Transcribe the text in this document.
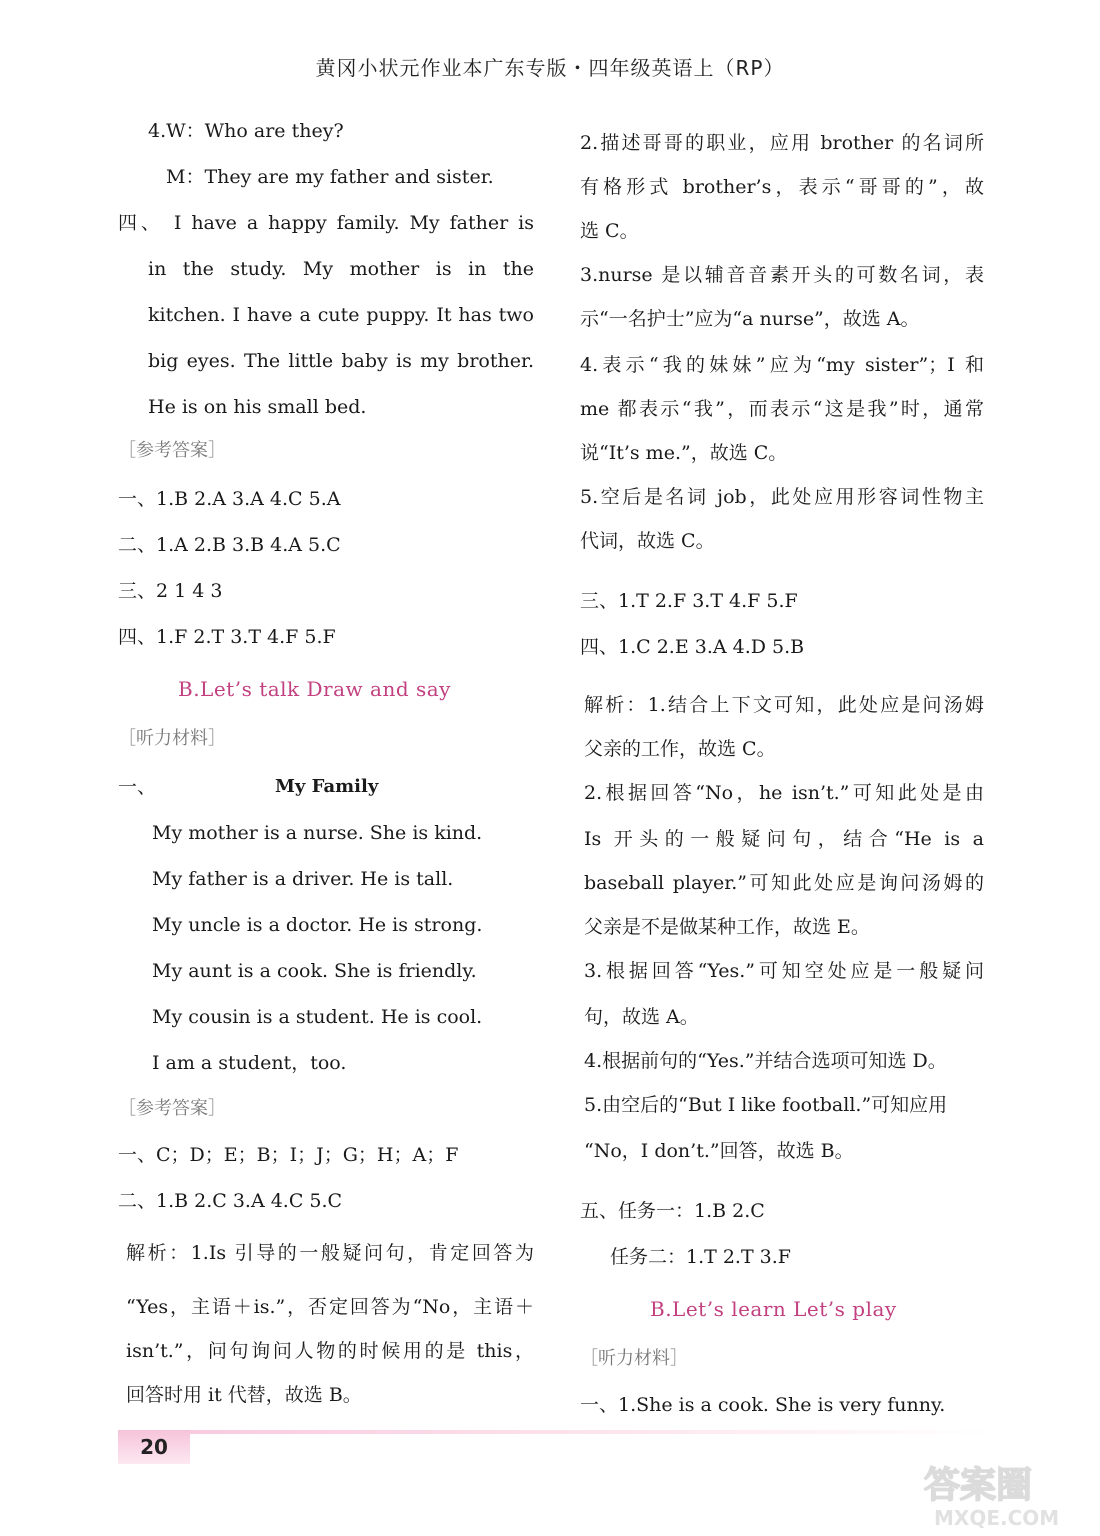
黄冈小状元作业本广东专版・四年级英语上（RP）
4.W：Who are they?
M：They are my father and sister.
四、 I have a happy family. My father is
in the study. My mother is in the
kitchen. I have a cute puppy. It has two
big eyes. The little baby is my brother.
He is on his small bed.
［参考答案］
一、1.B 2.A 3.A 4.C 5.A
二、1.A 2.B 3.B 4.A 5.C
三、2 1 4 3
四、1.F 2.T 3.T 4.F 5.F
B.Let’s talk Draw and say
［听力材料］
一、	My Family
My mother is a nurse. She is kind.
My father is a driver. He is tall.
My uncle is a doctor. He is strong.
My aunt is a cook. She is friendly.
My cousin is a student. He is cool.
I am a student，too.
［参考答案］
一、C；D；E；B；I；J；G；H；A；F
二、1.B 2.C 3.A 4.C 5.C
解析：1.Is 引导的一般疑问句，肯定回答为
“Yes，主语＋is.”，否定回答为“No，主语＋
isn’t.”，问句询问人物的时候用的是 this，
回答时用 it 代替，故选 B。
2.描述哥哥的职业，应用 brother 的名词所
有格形式 brother’s，表示“哥哥的”，故
选 C。
3.nurse 是以辅音音素开头的可数名词，表
示“一名护士”应为“a nurse”，故选 A。
4.表示“我的妹妹”应为“my sister”；I 和
me 都表示“我”，而表示“这是我”时，通常
说“It’s me.”，故选 C。
5.空后是名词 job，此处应用形容词性物主
代词，故选 C。
三、1.T 2.F 3.T 4.F 5.F
四、1.C 2.E 3.A 4.D 5.B
解析：1.结合上下文可知，此处应是问汤姆
父亲的工作，故选 C。
2.根据回答“No，he isn’t.”可知此处是由
Is 开头的一般疑问句，结合“He is a
baseball player.”可知此处应是询问汤姆的
父亲是不是做某种工作，故选 E。
3.根据回答“Yes.”可知空处应是一般疑问
句，故选 A。
4.根据前句的“Yes.”并结合选项可知选 D。
5.由空后的“But I like football.”可知应用
“No，I don’t.”回答，故选 B。
五、任务一：1.B 2.C
任务二：1.T 2.T 3.F
B.Let’s learn Let’s play
［听力材料］
一、1.She is a cook. She is very funny.
20
答案圈
MXQE.COM
